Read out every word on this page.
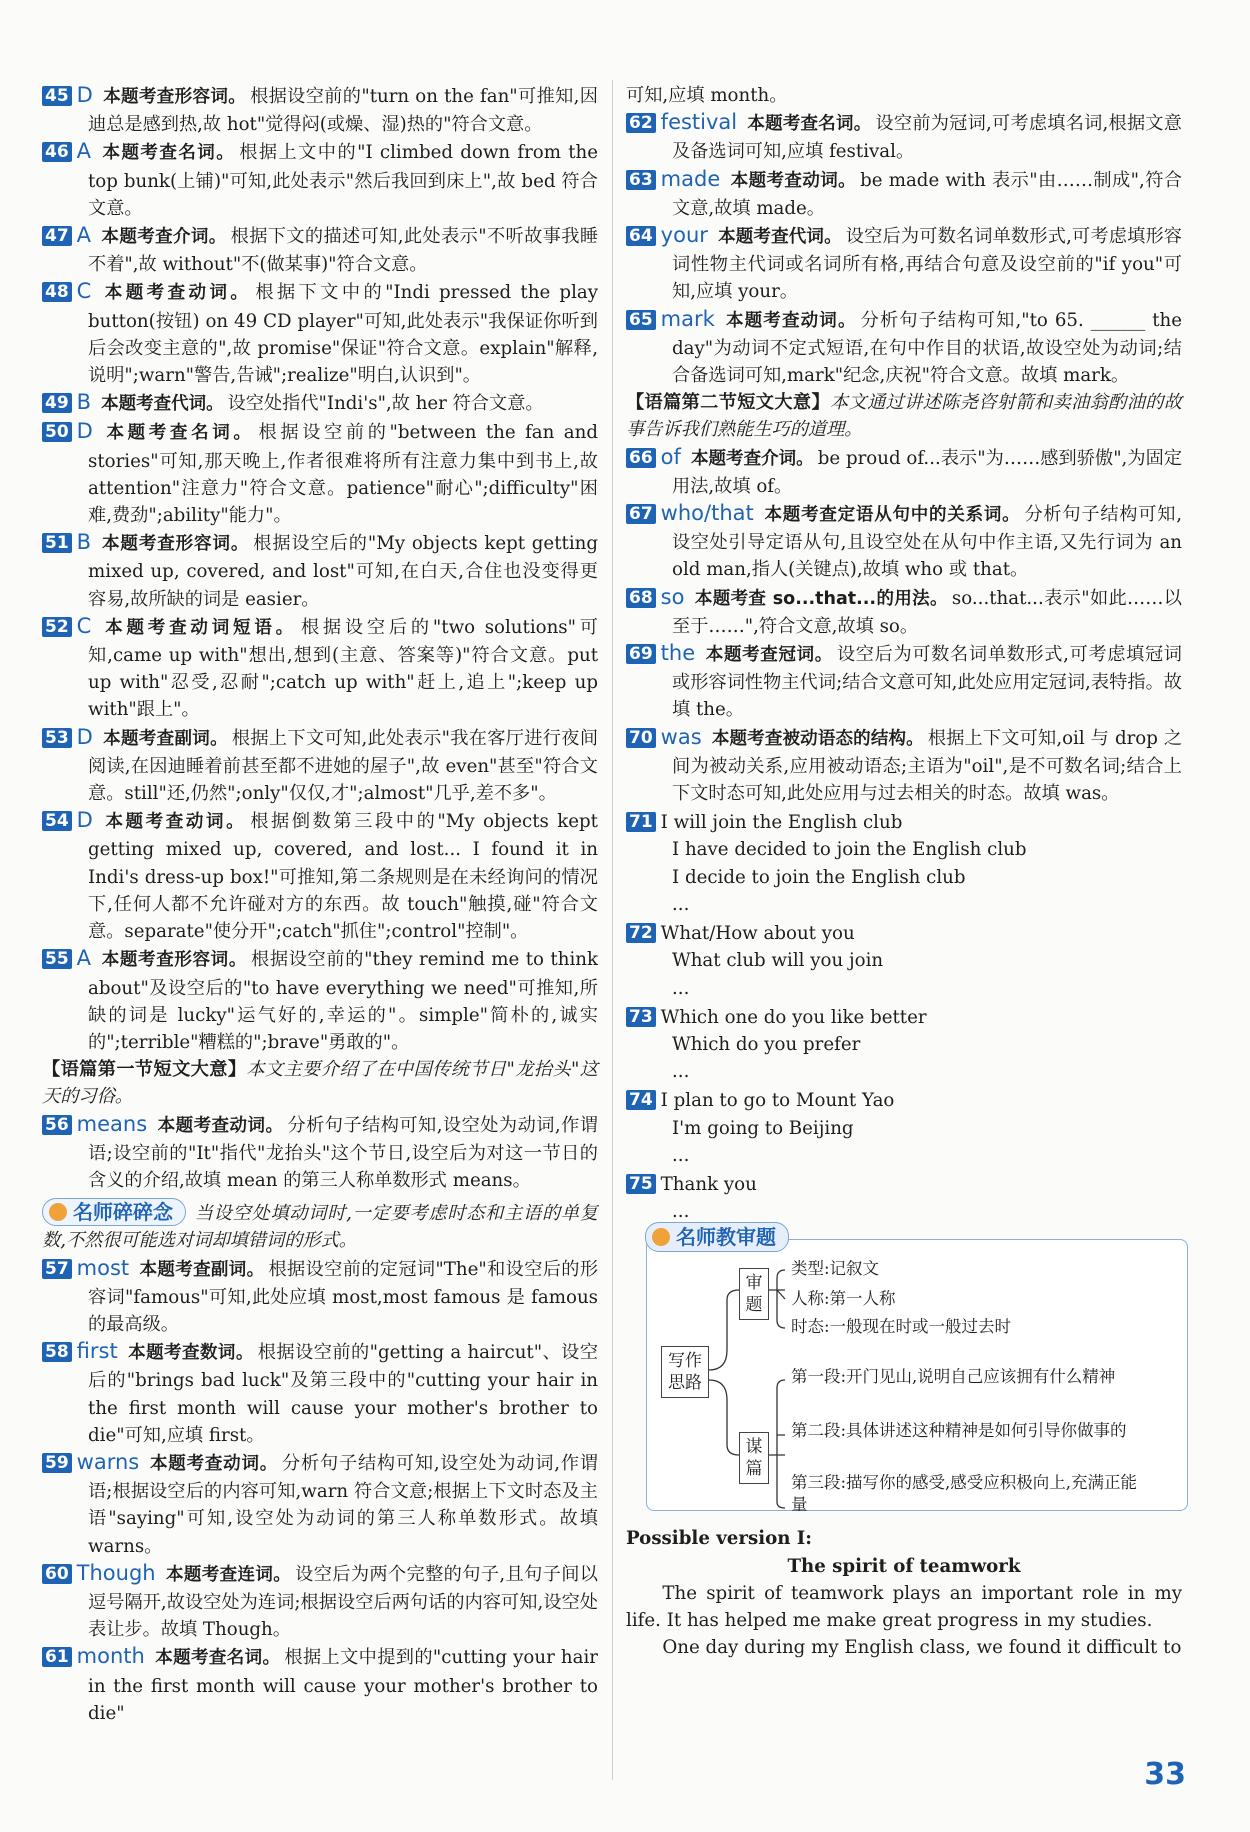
45 D 本题考查形容词。 根据设空前的"turn on the fan"可推知,因迪总是感到热,故 hot"觉得闷(或燥、湿)热的"符合文意。
46 A 本题考查名词。 根据上文中的"I climbed down from the top bunk(上铺)"可知,此处表示"然后我回到床上",故 bed 符合文意。
47 A 本题考查介词。 根据下文的描述可知,此处表示"不听故事我睡不着",故 without"不(做某事)"符合文意。
48 C 本题考查动词。 根据下文中的"Indi pressed the play button(按钮) on 49 CD player"可知,此处表示"我保证你听到后会改变主意的",故 promise"保证"符合文意。explain"解释,说明";warn"警告,告诫";realize"明白,认识到"。
49 B 本题考查代词。 设空处指代"Indi's",故 her 符合文意。
50 D 本题考查名词。 根据设空前的"between the fan and stories"可知,那天晚上,作者很难将所有注意力集中到书上,故 attention"注意力"符合文意。patience"耐心";difficulty"困难,费劲";ability"能力"。
51 B 本题考查形容词。 根据设空后的"My objects kept getting mixed up, covered, and lost"可知,在白天,合住也没变得更容易,故所缺的词是 easier。
52 C 本题考查动词短语。 根据设空后的"two solutions"可知,came up with"想出,想到(主意、答案等)"符合文意。put up with"忍受,忍耐";catch up with"赶上,追上";keep up with"跟上"。
53 D 本题考查副词。 根据上下文可知,此处表示"我在客厅进行夜间阅读,在因迪睡着前甚至都不进她的屋子",故 even"甚至"符合文意。still"还,仍然";only"仅仅,才";almost"几乎,差不多"。
54 D 本题考查动词。 根据倒数第三段中的"My objects kept getting mixed up, covered, and lost... I found it in Indi's dress-up box!"可推知,第二条规则是在未经询问的情况下,任何人都不允许碰对方的东西。故 touch"触摸,碰"符合文意。separate"使分开";catch"抓住";control"控制"。
55 A 本题考查形容词。 根据设空前的"they remind me to think about"及设空后的"to have everything we need"可推知,所缺的词是 lucky"运气好的,幸运的"。simple"简朴的,诚实的";terrible"糟糕的";brave"勇敢的"。
【语篇第一节短文大意】本文主要介绍了在中国传统节日"龙抬头"这天的习俗。
56 means 本题考查动词。 分析句子结构可知,设空处为动词,作谓语;设空前的"It"指代"龙抬头"这个节日,设空后为对这一节日的含义的介绍,故填 mean 的第三人称单数形式 means。
名师碎碎念 当设空处填动词时,一定要考虑时态和主语的单复数,不然很可能选对词却填错词的形式。
57 most 本题考查副词。 根据设空前的定冠词"The"和设空后的形容词"famous"可知,此处应填 most,most famous 是 famous 的最高级。
58 first 本题考查数词。 根据设空前的"getting a haircut"、设空后的"brings bad luck"及第三段中的"cutting your hair in the first month will cause your mother's brother to die"可知,应填 first。
59 warns 本题考查动词。 分析句子结构可知,设空处为动词,作谓语;根据设空后的内容可知,warn 符合文意;根据上下文时态及主语"saying"可知,设空处为动词的第三人称单数形式。故填 warns。
60 Though 本题考查连词。 设空后为两个完整的句子,且句子间以逗号隔开,故设空处为连词;根据设空后两句话的内容可知,设空处表让步。故填 Though。
61 month 本题考查名词。 根据上文中提到的"cutting your hair in the first month will cause your mother's brother to die"
可知,应填 month。
62 festival 本题考查名词。 设空前为冠词,可考虑填名词,根据文意及备选词可知,应填 festival。
63 made 本题考查动词。 be made with 表示"由……制成",符合文意,故填 made。
64 your 本题考查代词。 设空后为可数名词单数形式,可考虑填形容词性物主代词或名词所有格,再结合句意及设空前的"if you"可知,应填 your。
65 mark 本题考查动词。 分析句子结构可知,"to 65. ______ the day"为动词不定式短语,在句中作目的状语,故设空处为动词;结合备选词可知,mark"纪念,庆祝"符合文意。故填 mark。
【语篇第二节短文大意】本文通过讲述陈尧咨射箭和卖油翁酌油的故事告诉我们熟能生巧的道理。
66 of 本题考查介词。 be proud of...表示"为……感到骄傲",为固定用法,故填 of。
67 who/that 本题考查定语从句中的关系词。 分析句子结构可知,设空处引导定语从句,且设空处在从句中作主语,又先行词为 an old man,指人(关键点),故填 who 或 that。
68 so 本题考查 so...that...的用法。 so...that...表示"如此……以至于……",符合文意,故填 so。
69 the 本题考查冠词。 设空后为可数名词单数形式,可考虑填冠词或形容词性物主代词;结合文意可知,此处应用定冠词,表特指。故填 the。
70 was 本题考查被动语态的结构。 根据上下文可知,oil 与 drop 之间为被动关系,应用被动语态;主语为"oil",是不可数名词;结合上下文时态可知,此处应用与过去相关的时态。故填 was。
71 I will join the English club
I have decided to join the English club
I decide to join the English club
...
72 What/How about you
What club will you join
...
73 Which one do you like better
Which do you prefer
...
74 I plan to go to Mount Yao
I'm going to Beijing
...
75 Thank you
...
名师教审题
写作思路
审题
谋篇
类型:记叙文
人称:第一人称
时态:一般现在时或一般过去时
第一段:开门见山,说明自己应该拥有什么精神
第二段:具体讲述这种精神是如何引导你做事的
第三段:描写你的感受,感受应积极向上,充满正能量
Possible version Ⅰ:
The spirit of teamwork
The spirit of teamwork plays an important role in my life. It has helped me make great progress in my studies.
One day during my English class, we found it difficult to
33
